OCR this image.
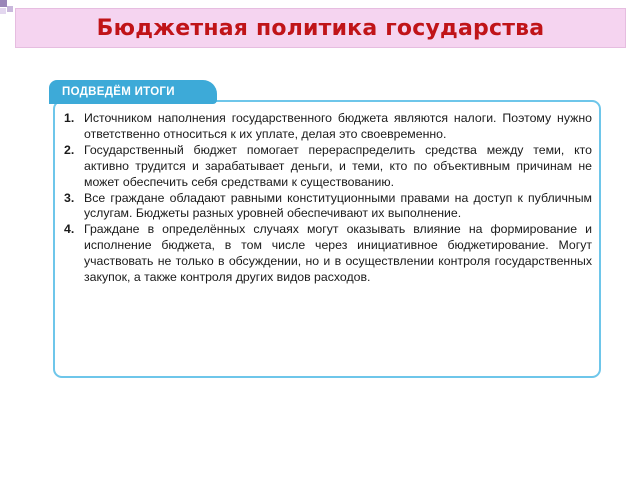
Бюджетная политика государства
ПОДВЕДЁМ ИТОГИ
1. Источником наполнения государственного бюджета являются налоги. Поэтому нужно ответственно относиться к их уплате, делая это своевременно.
2. Государственный бюджет помогает перераспределить средства между теми, кто активно трудится и зарабатывает деньги, и теми, кто по объективным причинам не может обеспечить себя средствами к существованию.
3. Все граждане обладают равными конституционными правами на доступ к публичным услугам. Бюджеты разных уровней обеспечивают их выполнение.
4. Граждане в определённых случаях могут оказывать влияние на формирование и исполнение бюджета, в том числе через инициативное бюджетирование. Могут участвовать не только в обсуждении, но и в осуществлении контроля государственных закупок, а также контроля других видов расходов.
